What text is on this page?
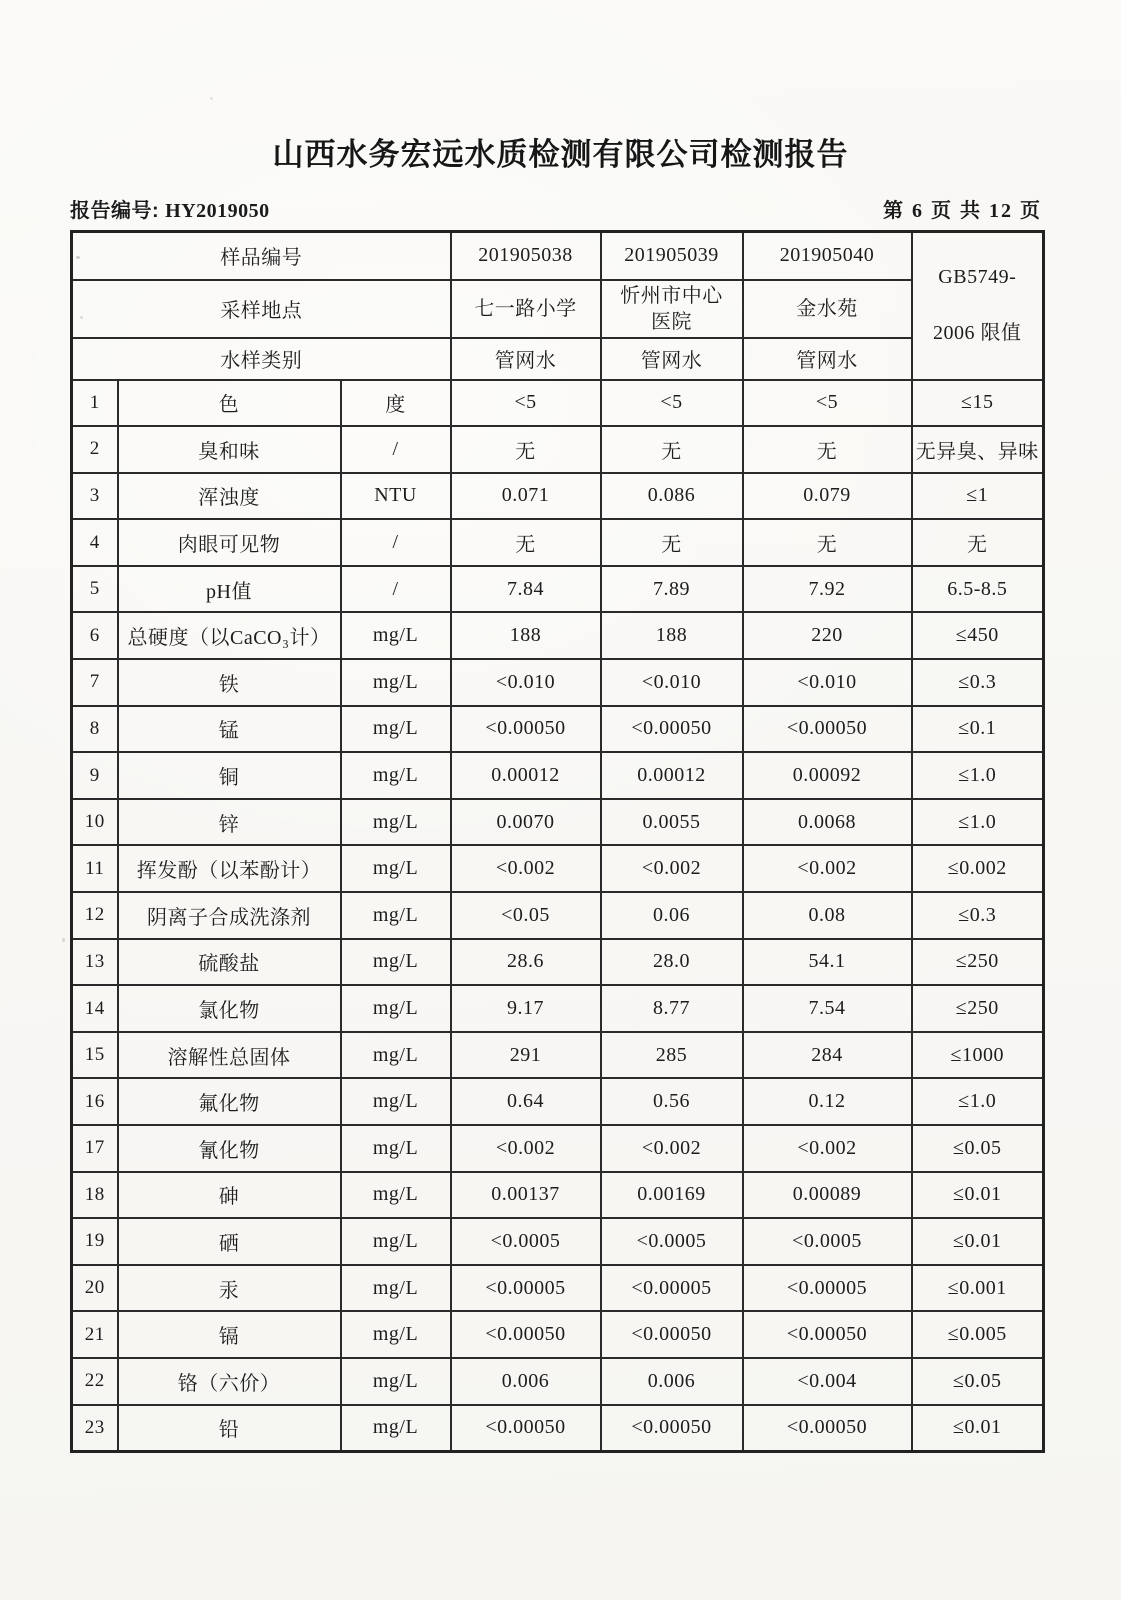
山西水务宏远水质检测有限公司检测报告
报告编号: HY2019050	第 6 页 共 12 页
样品编号			201905038	201905039	201905040	GB5749-
2006 限值

采样地点			七一路小学	忻州市中心医院	金水苑	

水样类别			管网水	管网水	管网水	
1	色	度	<5	<5	<5	≤15
2	臭和味	/	无	无	无	无异臭、异味
3	浑浊度	NTU	0.071	0.086	0.079	≤1
4	肉眼可见物	/	无	无	无	无
5	pH值	/	7.84	7.89	7.92	6.5-8.5
6	总硬度（以CaCO₃计）	mg/L	188	188	220	≤450
7	铁	mg/L	<0.010	<0.010	<0.010	≤0.3
8	锰	mg/L	<0.00050	<0.00050	<0.00050	≤0.1
9	铜	mg/L	0.00012	0.00012	0.00092	≤1.0
10	锌	mg/L	0.0070	0.0055	0.0068	≤1.0
11	挥发酚（以苯酚计）	mg/L	<0.002	<0.002	<0.002	≤0.002
12	阴离子合成洗涤剂	mg/L	<0.05	0.06	0.08	≤0.3
13	硫酸盐	mg/L	28.6	28.0	54.1	≤250
14	氯化物	mg/L	9.17	8.77	7.54	≤250
15	溶解性总固体	mg/L	291	285	284	≤1000
16	氟化物	mg/L	0.64	0.56	0.12	≤1.0
17	氰化物	mg/L	<0.002	<0.002	<0.002	≤0.05
18	砷	mg/L	0.00137	0.00169	0.00089	≤0.01
19	硒	mg/L	<0.0005	<0.0005	<0.0005	≤0.01
20	汞	mg/L	<0.00005	<0.00005	<0.00005	≤0.001
21	镉	mg/L	<0.00050	<0.00050	<0.00050	≤0.005
22	铬（六价）	mg/L	0.006	0.006	<0.004	≤0.05
23	铅	mg/L	<0.00050	<0.00050	<0.00050	≤0.01
